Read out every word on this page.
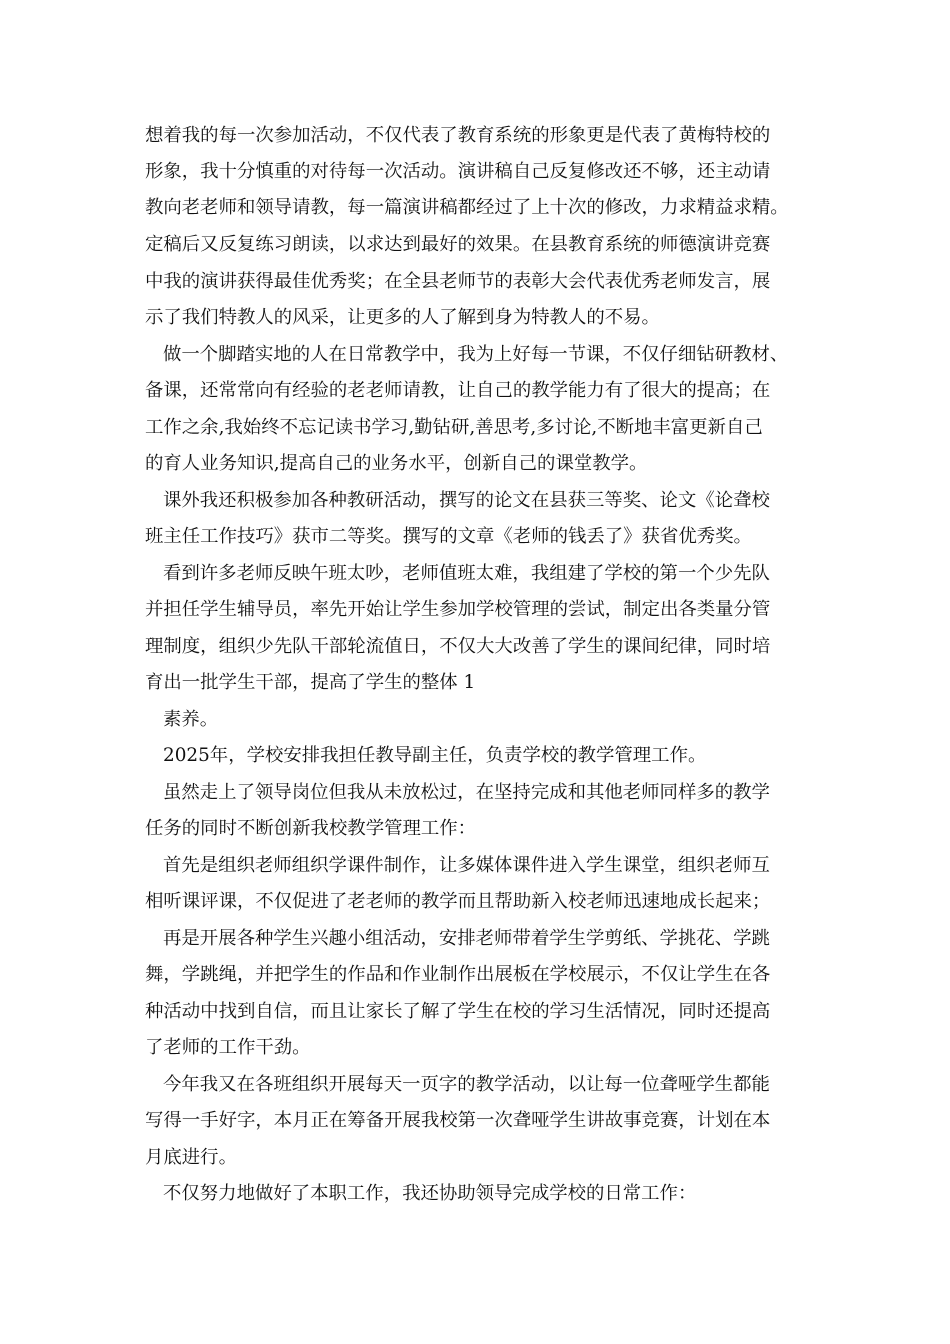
想着我的每一次参加活动，不仅代表了教育系统的形象更是代表了黄梅特校的
形象，我十分慎重的对待每一次活动。演讲稿自己反复修改还不够，还主动请
教向老老师和领导请教，每一篇演讲稿都经过了上十次的修改，力求精益求精。
定稿后又反复练习朗读，以求达到最好的效果。在县教育系统的师德演讲竞赛
中我的演讲获得最佳优秀奖；在全县老师节的表彰大会代表优秀老师发言，展
示了我们特教人的风采，让更多的人了解到身为特教人的不易。
做一个脚踏实地的人在日常教学中，我为上好每一节课，不仅仔细钻研教材、
备课，还常常向有经验的老老师请教，让自己的教学能力有了很大的提高；在
工作之余,我始终不忘记读书学习,勤钻研,善思考,多讨论,不断地丰富更新自己
的育人业务知识,提高自己的业务水平，创新自己的课堂教学。
课外我还积极参加各种教研活动，撰写的论文在县获三等奖、论文《论聋校
班主任工作技巧》获市二等奖。撰写的文章《老师的钱丢了》获省优秀奖。
看到许多老师反映午班太吵，老师值班太难，我组建了学校的第一个少先队
并担任学生辅导员，率先开始让学生参加学校管理的尝试，制定出各类量分管
理制度，组织少先队干部轮流值日，不仅大大改善了学生的课间纪律，同时培
育出一批学生干部，提高了学生的整体 1
素养。
2025年，学校安排我担任教导副主任，负责学校的教学管理工作。
虽然走上了领导岗位但我从未放松过，在坚持完成和其他老师同样多的教学
任务的同时不断创新我校教学管理工作：
首先是组织老师组织学课件制作，让多媒体课件进入学生课堂，组织老师互
相听课评课，不仅促进了老老师的教学而且帮助新入校老师迅速地成长起来；
再是开展各种学生兴趣小组活动，安排老师带着学生学剪纸、学挑花、学跳
舞，学跳绳，并把学生的作品和作业制作出展板在学校展示，不仅让学生在各
种活动中找到自信，而且让家长了解了学生在校的学习生活情况，同时还提高
了老师的工作干劲。
今年我又在各班组织开展每天一页字的教学活动，以让每一位聋哑学生都能
写得一手好字，本月正在筹备开展我校第一次聋哑学生讲故事竞赛，计划在本
月底进行。
不仅努力地做好了本职工作，我还协助领导完成学校的日常工作：
